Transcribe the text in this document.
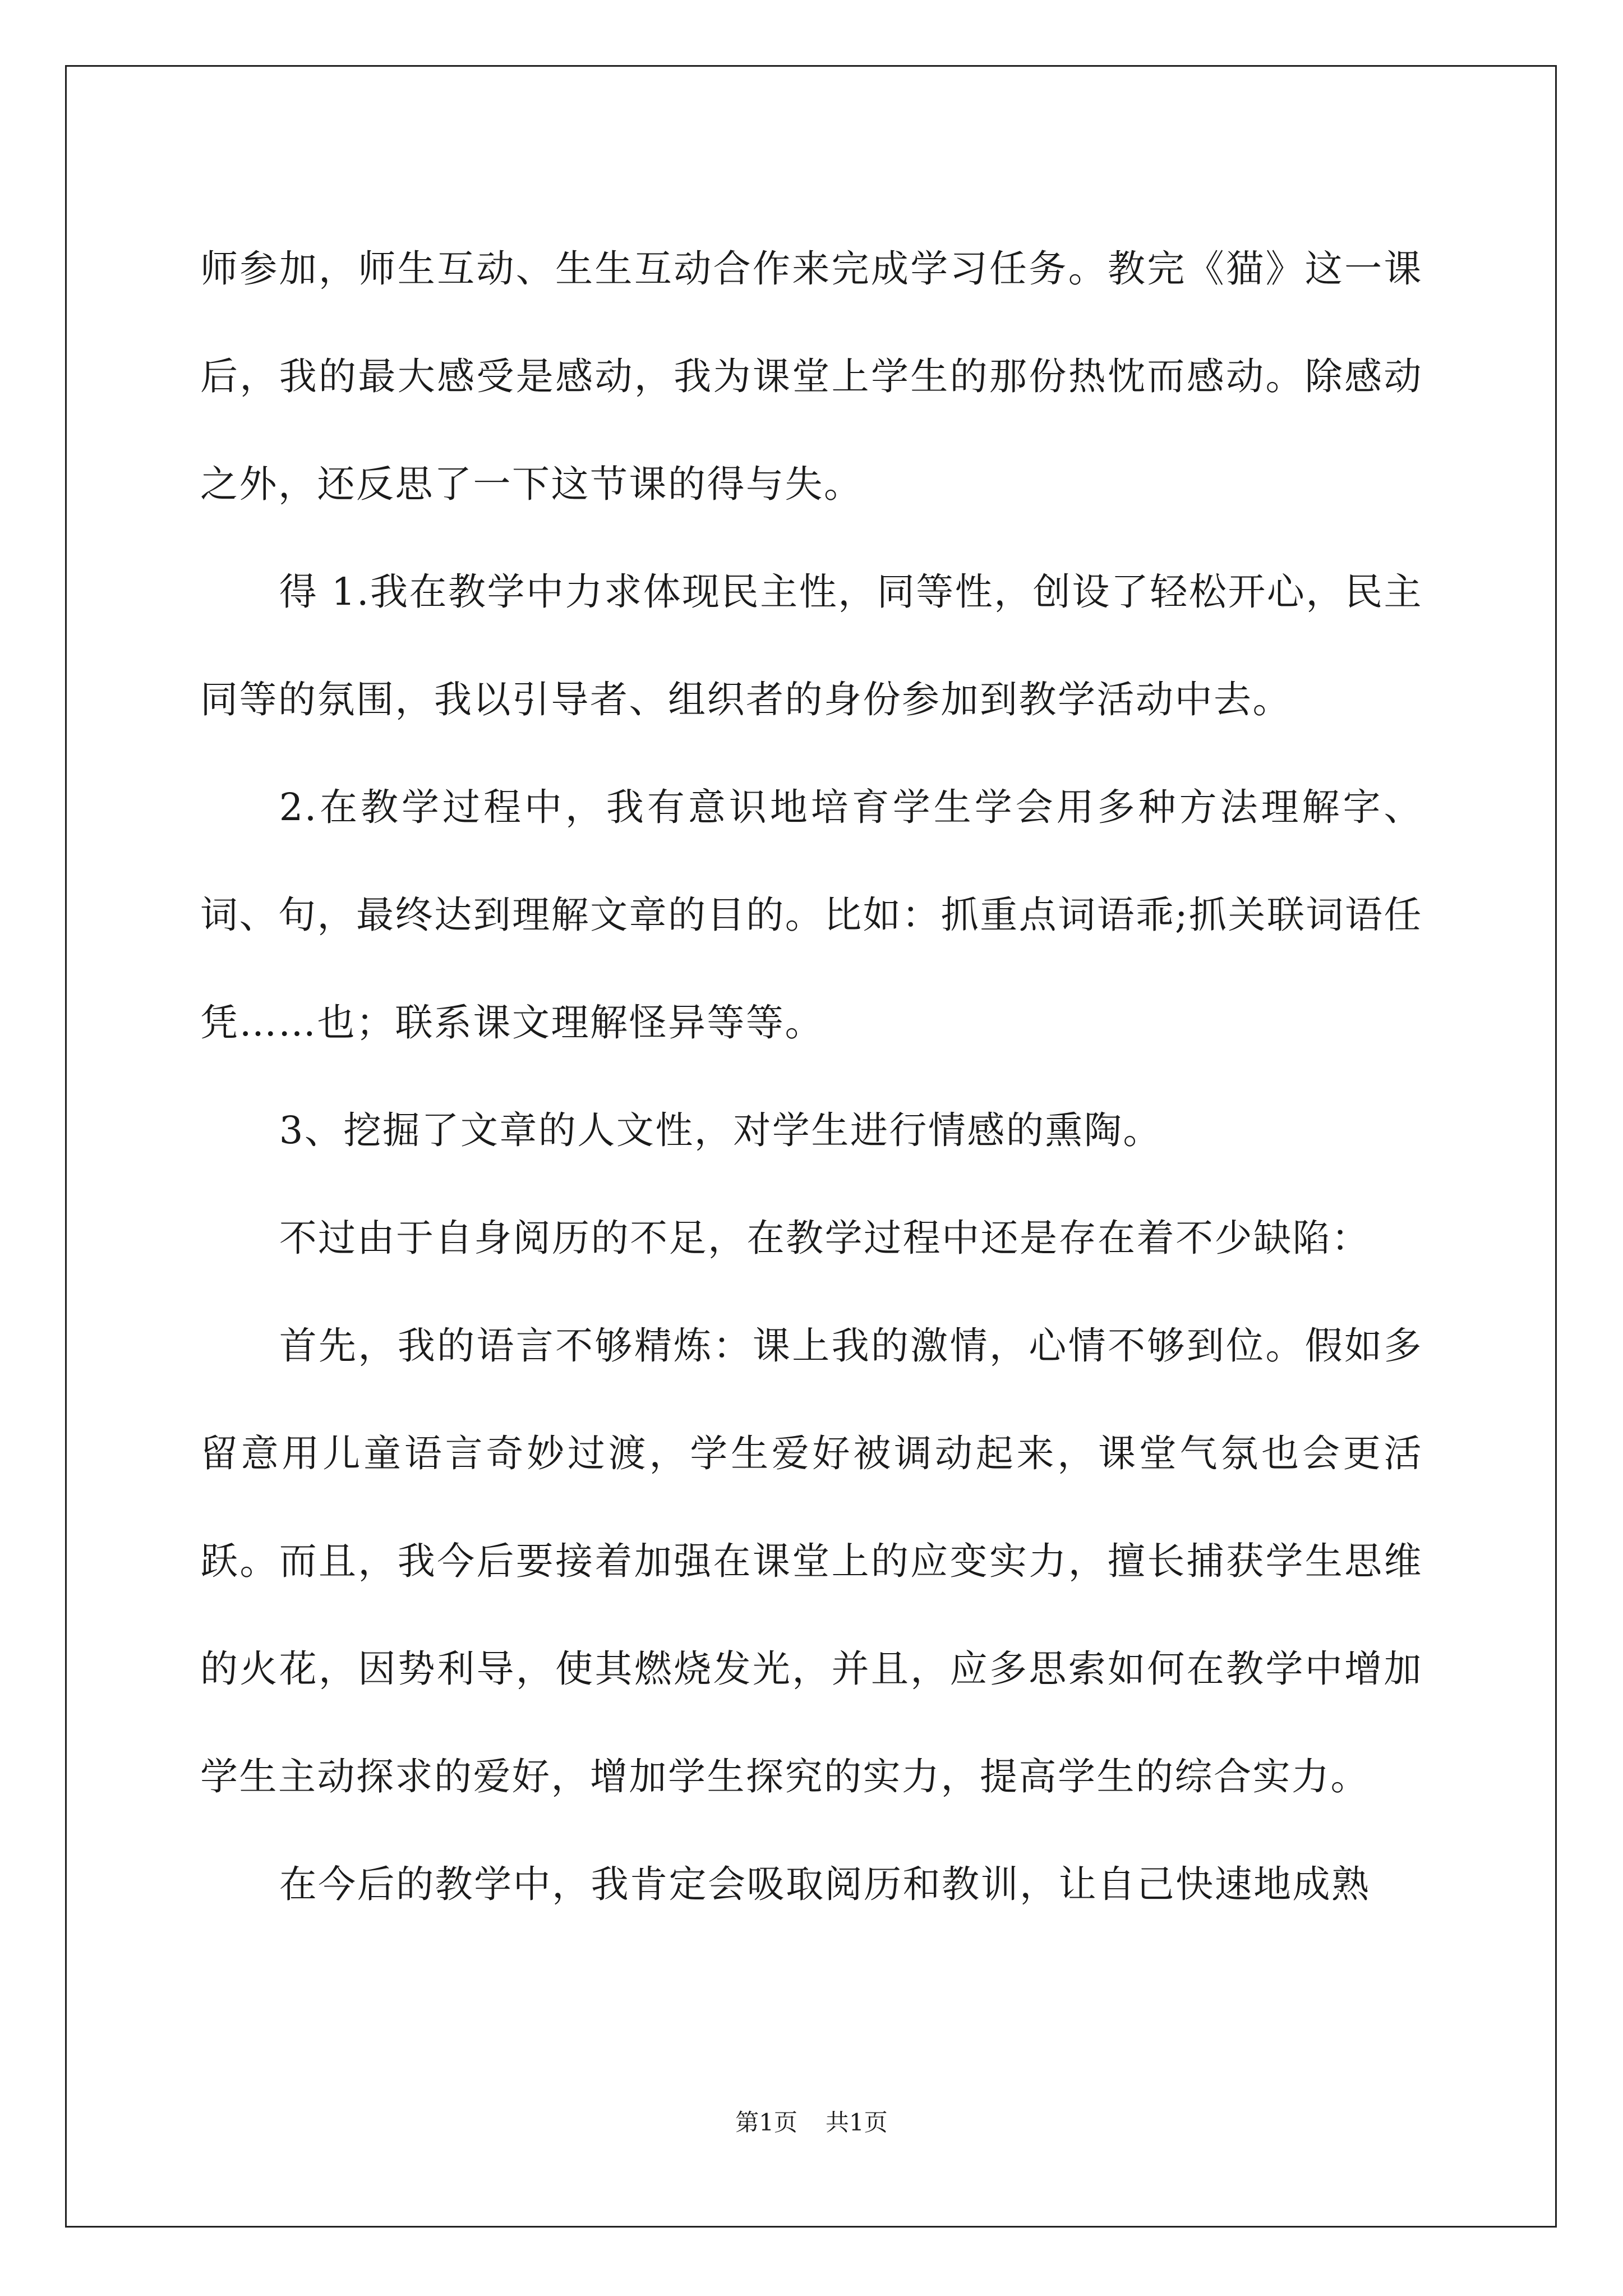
师参加，师生互动、生生互动合作来完成学习任务。教完《猫》这一课后，我的最大感受是感动，我为课堂上学生的那份热忱而感动。除感动之外，还反思了一下这节课的得与失。

得 1.我在教学中力求体现民主性，同等性，创设了轻松开心，民主同等的氛围，我以引导者、组织者的身份参加到教学活动中去。

2.在教学过程中，我有意识地培育学生学会用多种方法理解字、词、句，最终达到理解文章的目的。比如：抓重点词语乖;抓关联词语任凭……也；联系课文理解怪异等等。

3、挖掘了文章的人文性，对学生进行情感的熏陶。

不过由于自身阅历的不足，在教学过程中还是存在着不少缺陷：

首先，我的语言不够精炼：课上我的激情，心情不够到位。假如多留意用儿童语言奇妙过渡，学生爱好被调动起来，课堂气氛也会更活跃。而且，我今后要接着加强在课堂上的应变实力，擅长捕获学生思维的火花，因势利导，使其燃烧发光，并且，应多思索如何在教学中增加学生主动探求的爱好，增加学生探究的实力，提高学生的综合实力。

在今后的教学中，我肯定会吸取阅历和教训，让自己快速地成熟

第1页 共1页
